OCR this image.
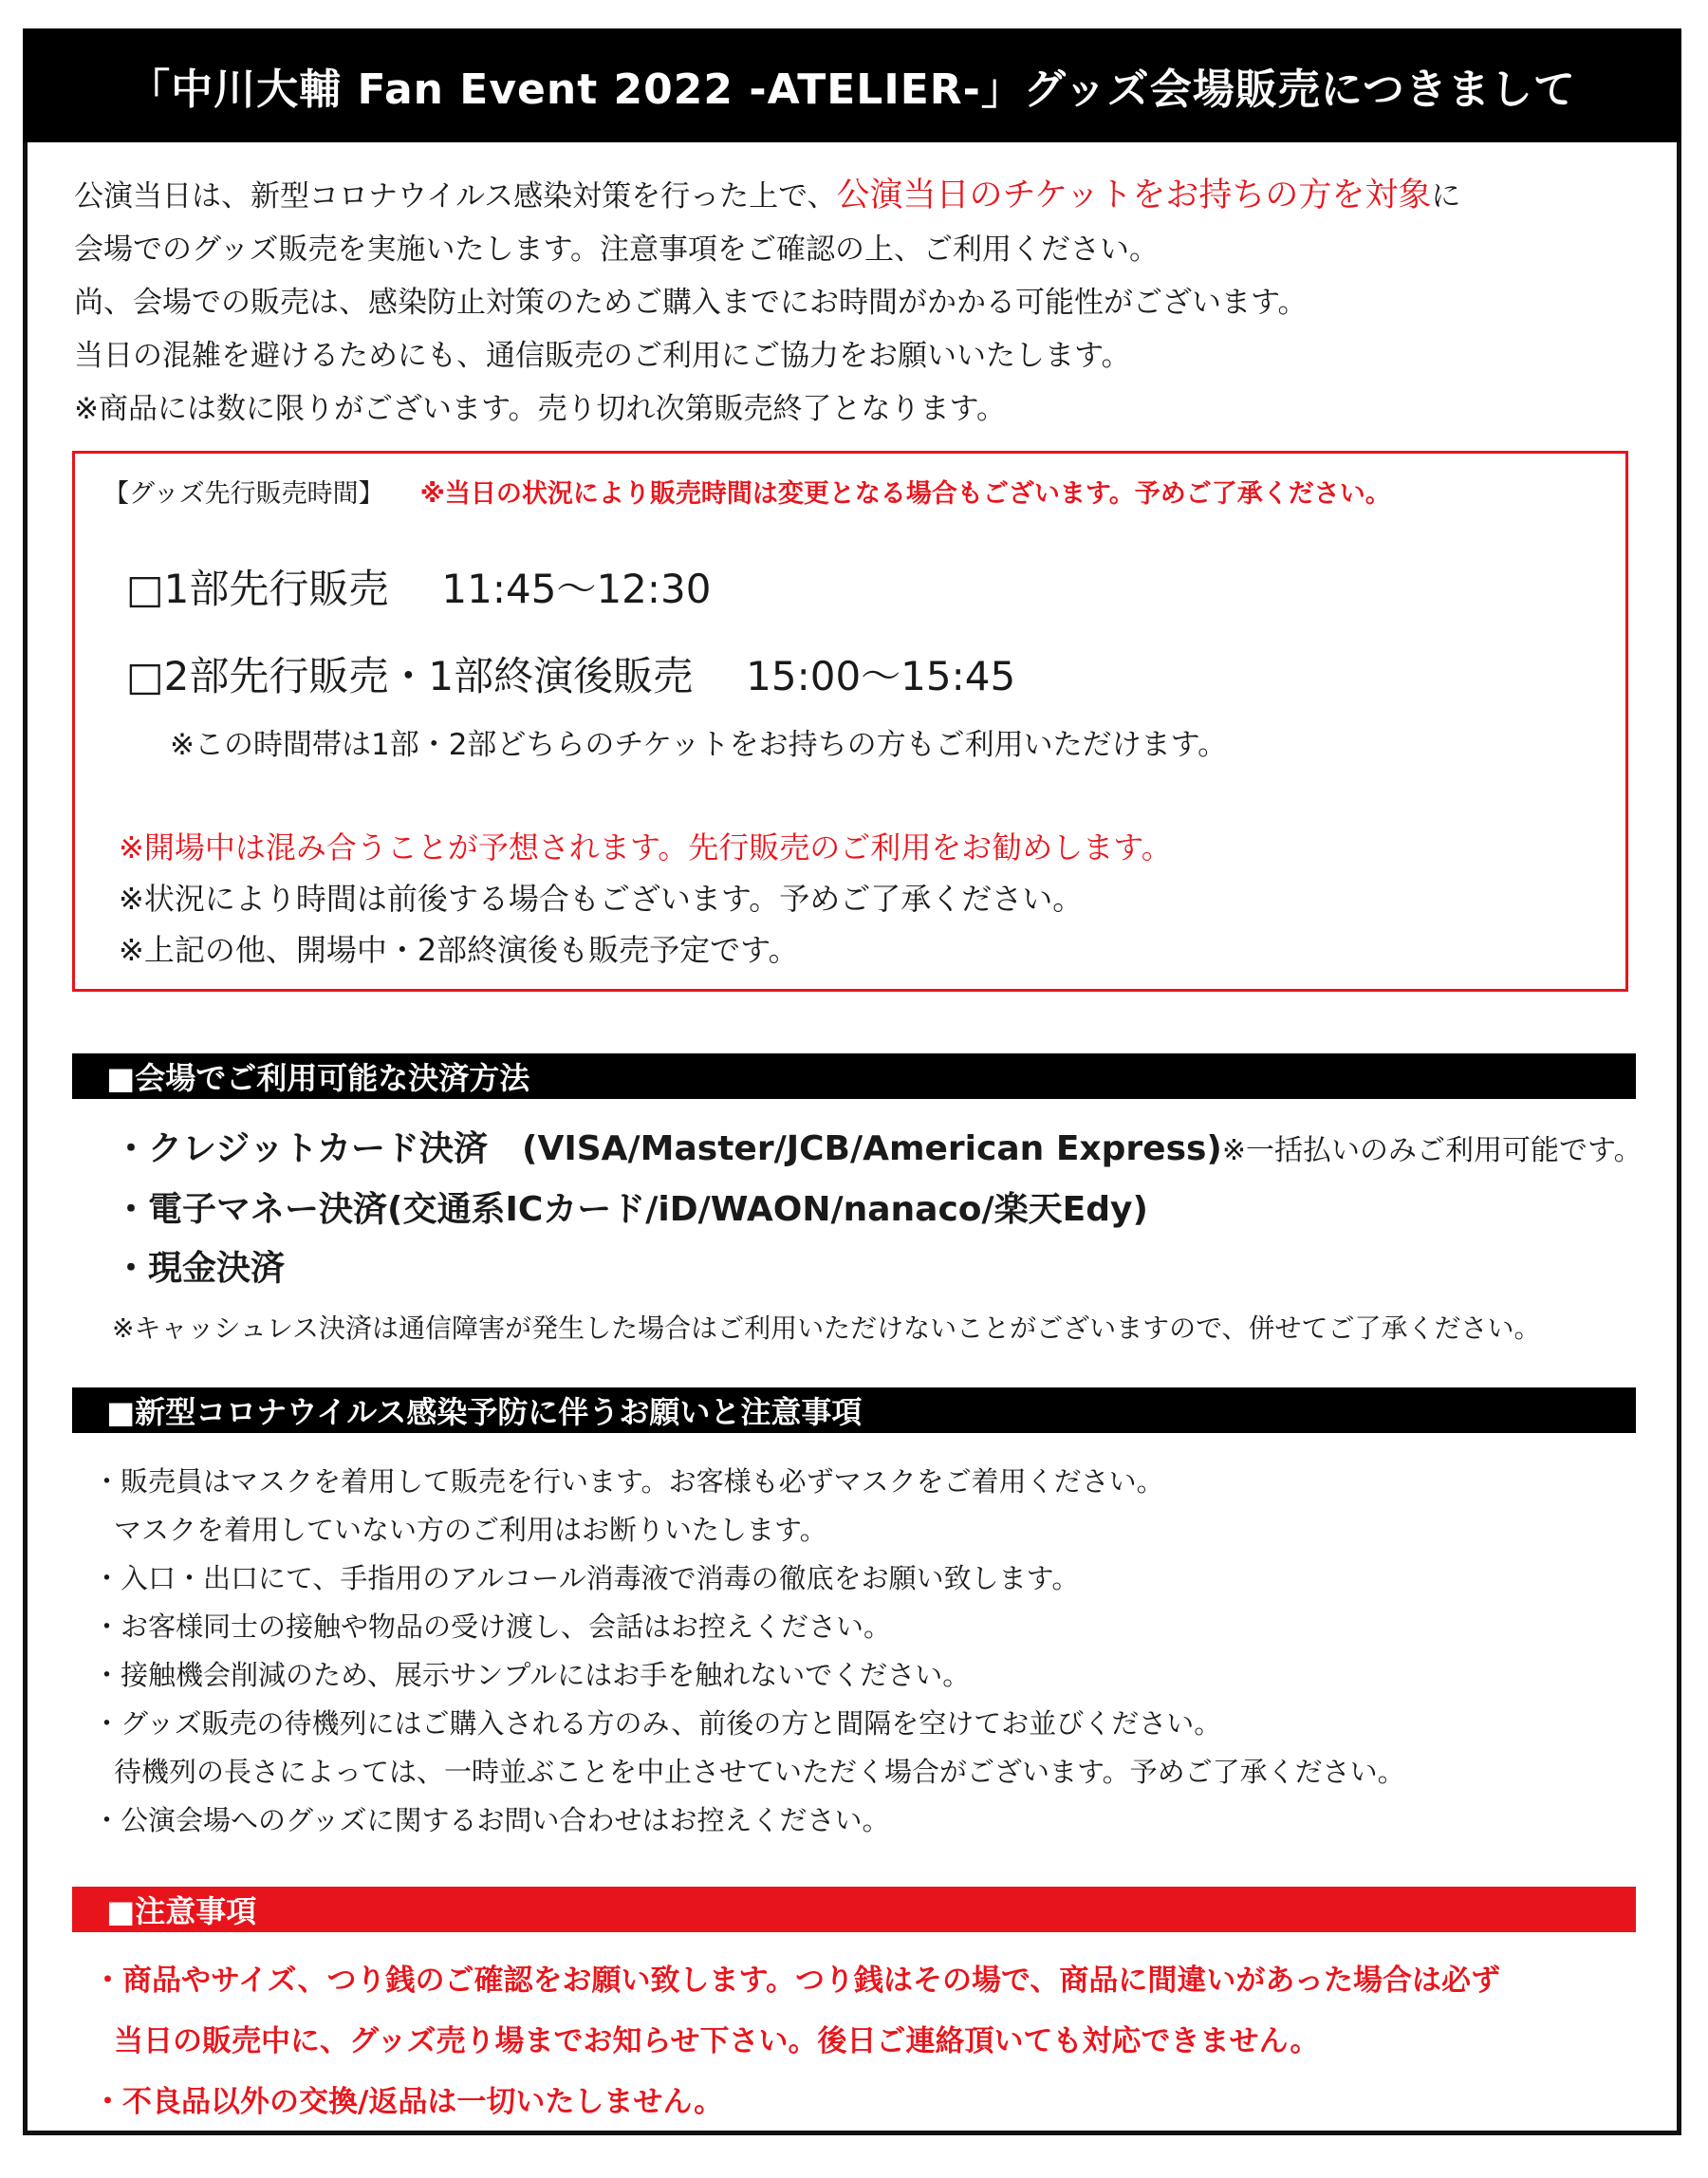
「中川大輔 Fan Event 2022 -ATELIER-」グッズ会場販売につきまして
公演当日は、新型コロナウイルス感染対策を行った上で、公演当日のチケットをお持ちの方を対象に
会場でのグッズ販売を実施いたします。注意事項をご確認の上、ご利用ください。
尚、会場での販売は、感染防止対策のためご購入までにお時間がかかる可能性がございます。
当日の混雑を避けるためにも、通信販売のご利用にご協力をお願いいたします。
※商品には数に限りがございます。売り切れ次第販売終了となります。
【グッズ先行販売時間】 ※当日の状況により販売時間は変更となる場合もございます。予めご了承ください。
□1部先行販売 11:45〜12:30
□2部先行販売・1部終演後販売 15:00〜15:45
※この時間帯は1部・2部どちらのチケットをお持ちの方もご利用いただけます。
※開場中は混み合うことが予想されます。先行販売のご利用をお勧めします。
※状況により時間は前後する場合もございます。予めご了承ください。
※上記の他、開場中・2部終演後も販売予定です。
■会場でご利用可能な決済方法
・クレジットカード決済　(VISA/Master/JCB/American Express)※一括払いのみご利用可能です。
・電子マネー決済(交通系ICカード/iD/WAON/nanaco/楽天Edy)
・現金決済
※キャッシュレス決済は通信障害が発生した場合はご利用いただけないことがございますので、併せてご了承ください。
■新型コロナウイルス感染予防に伴うお願いと注意事項
・販売員はマスクを着用して販売を行います。お客様も必ずマスクをご着用ください。
マスクを着用していない方のご利用はお断りいたします。
・入口・出口にて、手指用のアルコール消毒液で消毒の徹底をお願い致します。
・お客様同士の接触や物品の受け渡し、会話はお控えください。
・接触機会削減のため、展示サンプルにはお手を触れないでください。
・グッズ販売の待機列にはご購入される方のみ、前後の方と間隔を空けてお並びください。
待機列の長さによっては、一時並ぶことを中止させていただく場合がございます。予めご了承ください。
・公演会場へのグッズに関するお問い合わせはお控えください。
■注意事項
・商品やサイズ、つり銭のご確認をお願い致します。つり銭はその場で、商品に間違いがあった場合は必ず
当日の販売中に、グッズ売り場までお知らせ下さい。後日ご連絡頂いても対応できません。
・不良品以外の交換/返品は一切いたしません。
